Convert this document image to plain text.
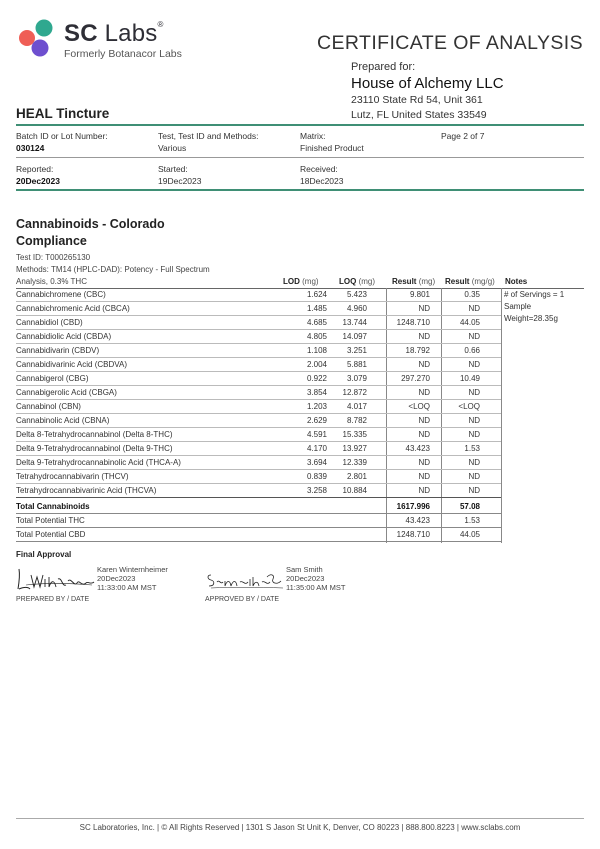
SC Labs®
Formerly Botanacor Labs	CERTIFICATE OF ANALYSIS
Prepared for:
House of Alchemy LLC
23110 State Rd 54, Unit 361
Lutz, FL United States 33549
HEAL Tincture
Batch ID or Lot Number:
030124
Test, Test ID and Methods:
Various
Matrix:
Finished Product
Page 2 of 7
Reported:
20Dec2023
Started:
19Dec2023
Received:
18Dec2023
Cannabinoids - Colorado Compliance
Test ID: T000265130
Methods: TM14 (HPLC-DAD): Potency - Full Spectrum
Analysis, 0.3% THC	LOD (mg)	LOQ (mg) Result (mg) Result (mg/g) Notes
Cannabichromene (CBC)	1.624 5.423	9.801	0.35
Cannabichromenic Acid (CBCA)	1.485 4.960	ND	ND
Cannabidiol (CBD)	4.685 13.744	1248.710	44.05
Cannabidiolic Acid (CBDA)	4.805 14.097	ND	ND
Cannabidivarin (CBDV)	1.108 3.251	18.792	0.66
Cannabidivarinic Acid (CBDVA)	2.004 5.881	ND	ND
Cannabigerol (CBG)	0.922 3.079	297.270	10.49
Cannabigerolic Acid (CBGA)	3.854 12.872	ND	ND
Cannabinol (CBN)	1.203 4.017	<LOQ	<LOQ
Cannabinolic Acid (CBNA)	2.629 8.782	ND	ND
Delta 8-Tetrahydrocannabinol (Delta 8-THC)	4.591 15.335	ND	ND
Delta 9-Tetrahydrocannabinol (Delta 9-THC)	4.170 13.927	43.423	1.53
Delta 9-Tetrahydrocannabinolic Acid (THCA-A)	3.694 12.339	ND	ND
Tetrahydrocannabivarin (THCV)	0.839 2.801	ND	ND
Tetrahydrocannabivarinic Acid (THCVA)	3.258 10.884	ND	ND
Total Cannabinoids	1617.996	57.08
Total Potential THC	43.423	1.53
Total Potential CBD	1248.710	44.05
# of Servings = 1
Sample
Weight=28.35g
Final Approval
Karen Winternheimer
20Dec2023
11:33:00 AM MST
PREPARED BY / DATE
Sam Smith
20Dec2023
11:35:00 AM MST
APPROVED BY / DATE
SC Laboratories, Inc. | © All Rights Reserved | 1301 S Jason St Unit K, Denver, CO 80223 | 888.800.8223 | www.sclabs.com
